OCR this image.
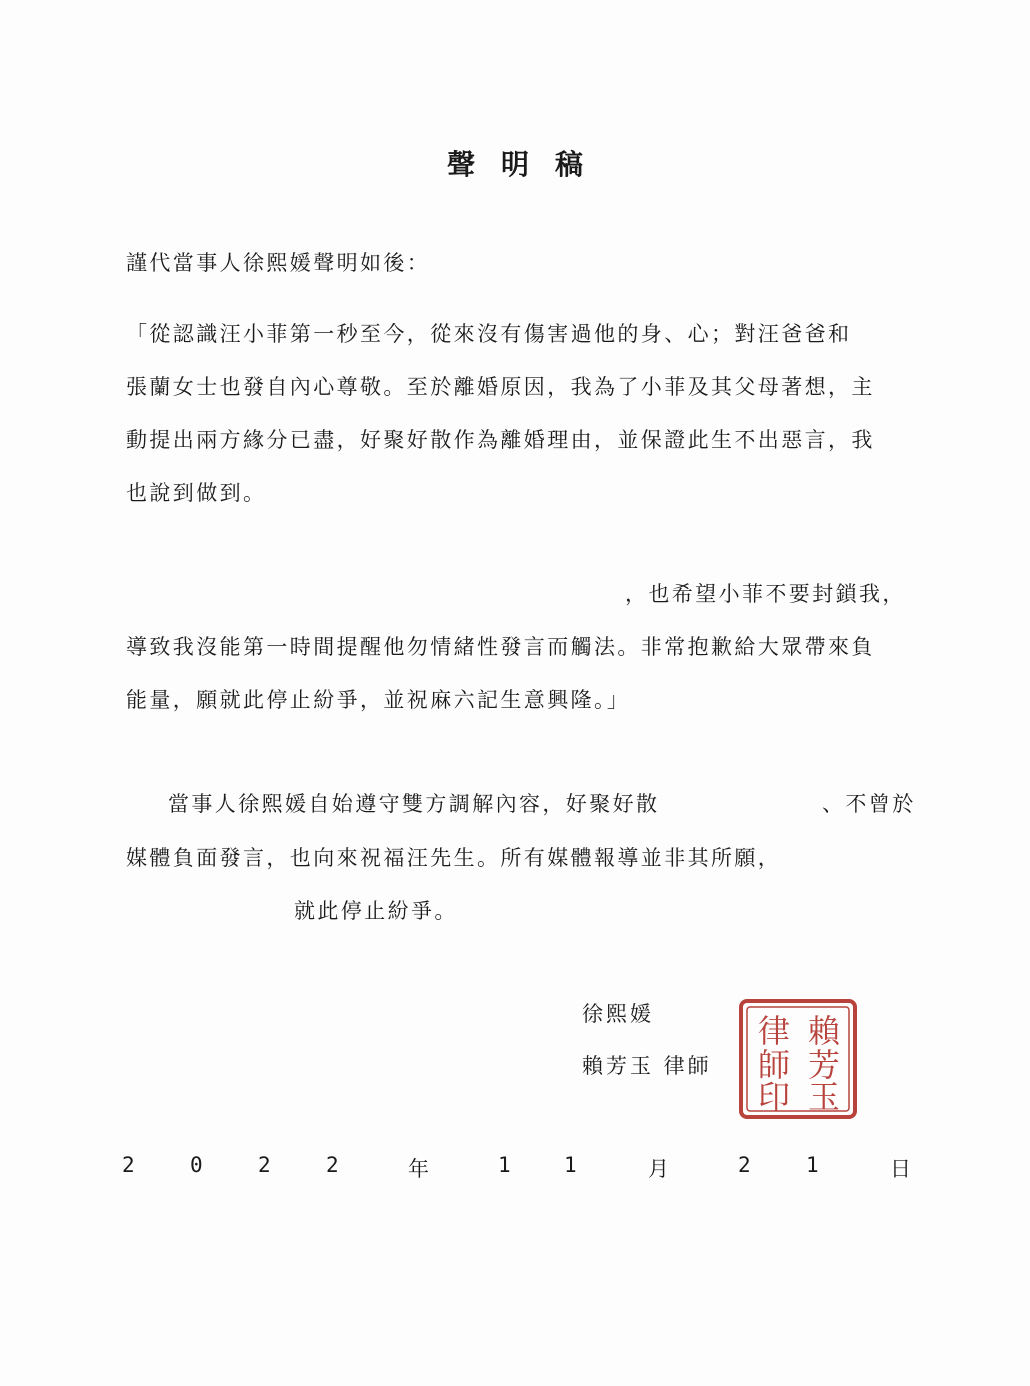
聲明稿
謹代當事人徐熙媛聲明如後：
「從認識汪小菲第一秒至今，從來沒有傷害過他的身、心；對汪爸爸和
張蘭女士也發自內心尊敬。至於離婚原因，我為了小菲及其父母著想，主
動提出兩方緣分已盡，好聚好散作為離婚理由，並保證此生不出惡言，我
也說到做到。
，也希望小菲不要封鎖我，
導致我沒能第一時間提醒他勿情緒性發言而觸法。非常抱歉給大眾帶來負
能量，願就此停止紛爭，並祝麻六記生意興隆。」
當事人徐熙媛自始遵守雙方調解內容，好聚好散	、不曾於
媒體負面發言，也向來祝福汪先生。所有媒體報導並非其所願，
就此停止紛爭。
徐熙媛
賴芳玉 律師
賴
芳
玉
律
師
印
2	0	2	2	年	1	1	月	2	1	日
